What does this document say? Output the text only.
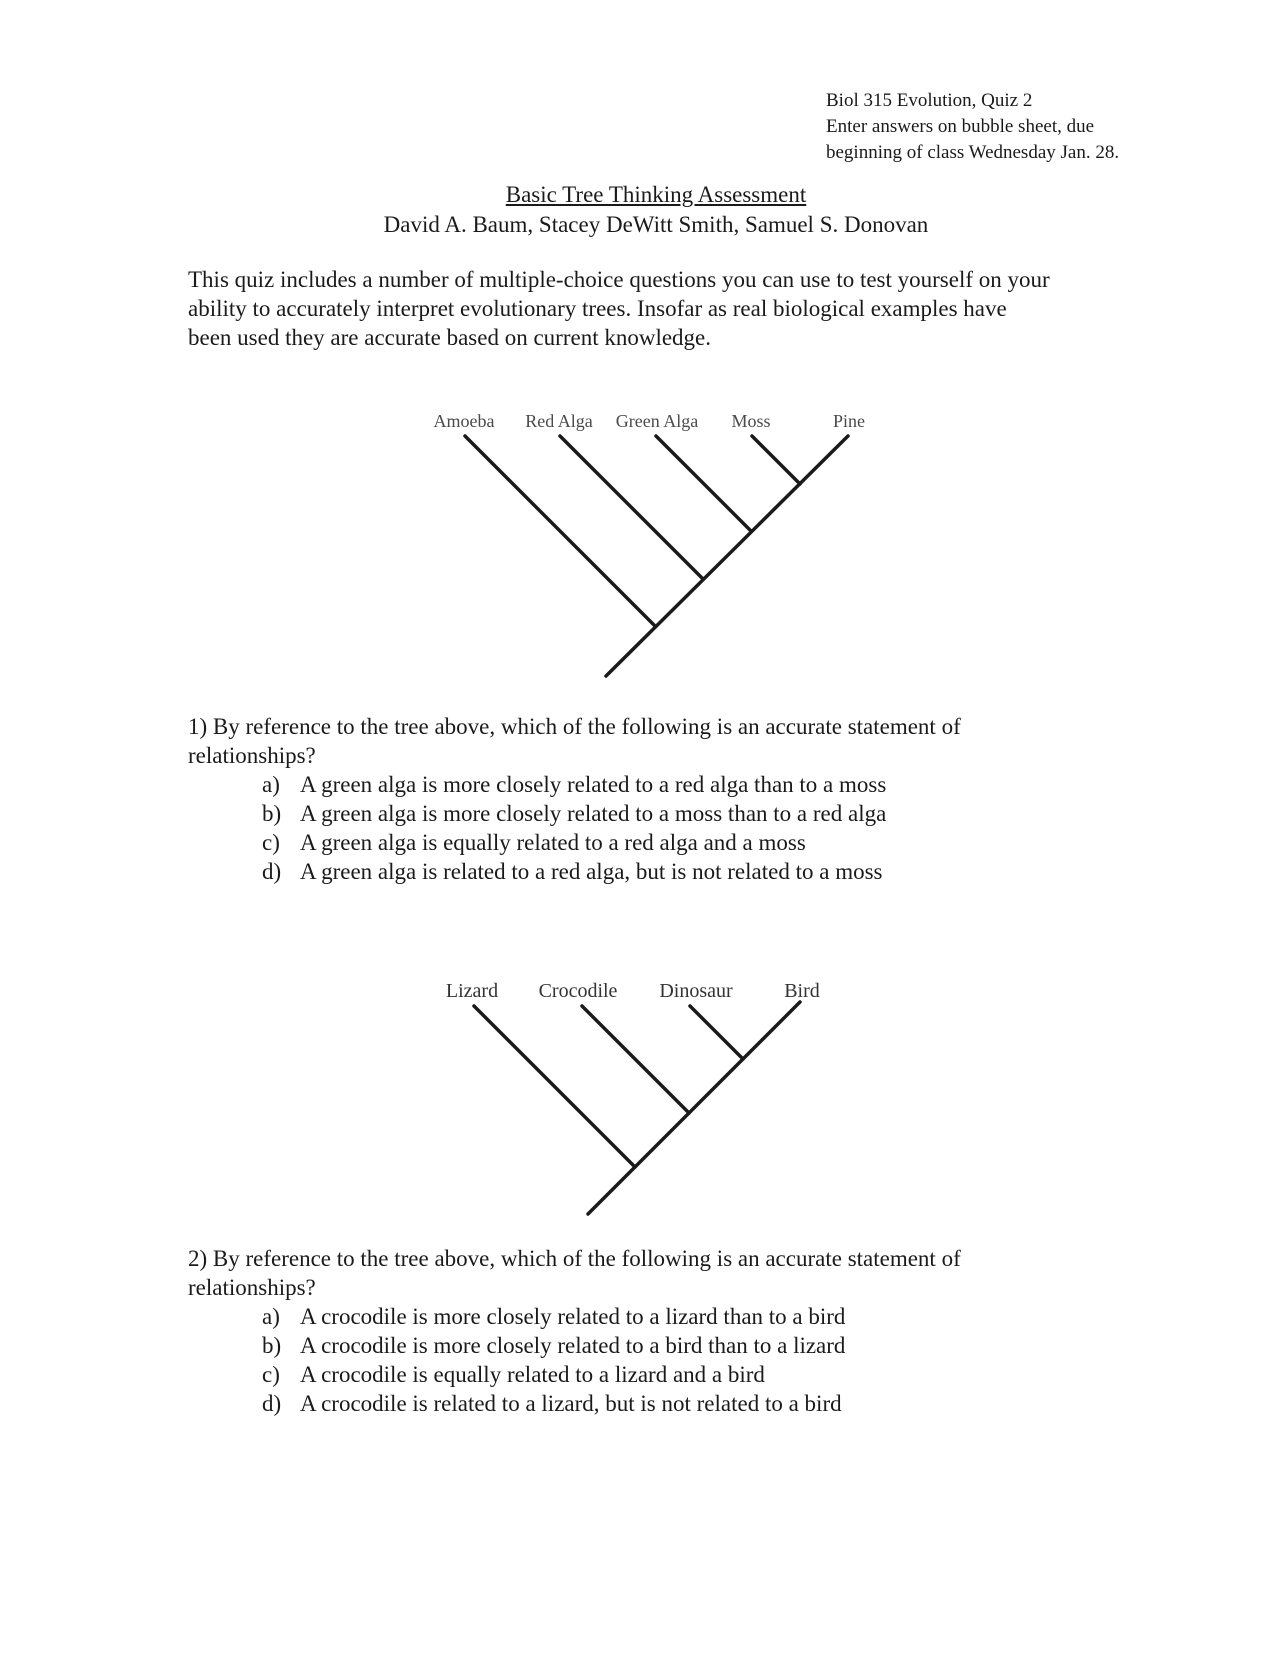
Biol 315 Evolution, Quiz 2
Enter answers on bubble sheet, due
beginning of class Wednesday Jan. 28.
Basic Tree Thinking Assessment
David A. Baum, Stacey DeWitt Smith, Samuel S. Donovan
This quiz includes a number of multiple-choice questions you can use to test yourself on your
ability to accurately interpret evolutionary trees. Insofar as real biological examples have
been used they are accurate based on current knowledge.
Amoeba Red Alga Green Alga Moss	Pine
1) By reference to the tree above, which of the following is an accurate statement of
relationships?
a) A green alga is more closely related to a red alga than to a moss
b) A green alga is more closely related to a moss than to a red alga
c) A green alga is equally related to a red alga and a moss
d) A green alga is related to a red alga, but is not related to a moss
Lizard Crocodile Dinosaur	Bird
2) By reference to the tree above, which of the following is an accurate statement of
relationships?
a) A crocodile is more closely related to a lizard than to a bird
b) A crocodile is more closely related to a bird than to a lizard
c) A crocodile is equally related to a lizard and a bird
d) A crocodile is related to a lizard, but is not related to a bird
